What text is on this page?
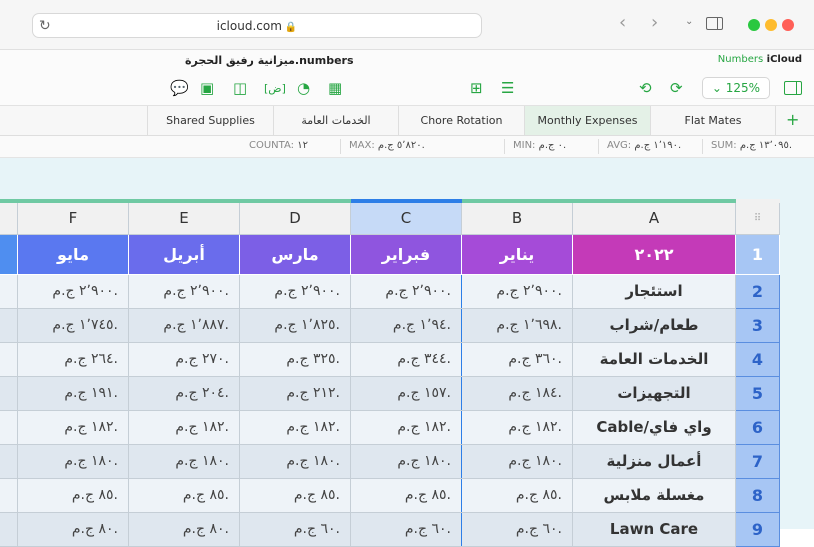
↻	icloud.com 🔒	‹ ›	⌄
ميزانية رفيق الحجرة.numbers	Numbers iCloud
💬 ▣ ◫ [ض] ◔ ▦	⊞ ☰	⟲ ⟳	⌄ 125%
Shared Supplies	الخدمات العامة	Chore Rotation	Monthly Expenses	Flat Mates	+
SUM: ١٣٬٠٩٥ ج.م.
AVG: ١٬١٩٠ ج.م.
MIN: ٠ ج.م.
MAX: ٥٬٨٢٠ ج.م.
COUNTA: ١٢
	F	E	D	C	B	A	⠿
	مايو	أبريل	مارس	فبراير	يناير	٢٠٢٢	1
	٢٬٩٠٠ ج.م.	٢٬٩٠٠ ج.م.	٢٬٩٠٠ ج.م.	٢٬٩٠٠ ج.م.	٢٬٩٠٠ ج.م.	استئجار	2
	١٬٧٤٥ ج.م.	١٬٨٨٧ ج.م.	١٬٨٢٥ ج.م.	١٬٩٤ ج.م.	١٬٦٩٨ ج.م.	طعام/شراب	3
	٢٦٤ ج.م.	٢٧٠ ج.م.	٣٢٥ ج.م.	٣٤٤ ج.م.	٣٦٠ ج.م.	الخدمات العامة	4
	١٩١ ج.م.	٢٠٤ ج.م.	٢١٢ ج.م.	١٥٧ ج.م.	١٨٤ ج.م.	التجهيزات	5
	١٨٢ ج.م.	١٨٢ ج.م.	١٨٢ ج.م.	١٨٢ ج.م.	١٨٢ ج.م.	Cable/واي فاي	6
	١٨٠ ج.م.	١٨٠ ج.م.	١٨٠ ج.م.	١٨٠ ج.م.	١٨٠ ج.م.	أعمال منزلية	7
	٨٥ ج.م.	٨٥ ج.م.	٨٥ ج.م.	٨٥ ج.م.	٨٥ ج.م.	مغسلة ملابس	8
	٨٠ ج.م.	٨٠ ج.م.	٦٠ ج.م.	٦٠ ج.م.	٦٠ ج.م.	Lawn Care	9
